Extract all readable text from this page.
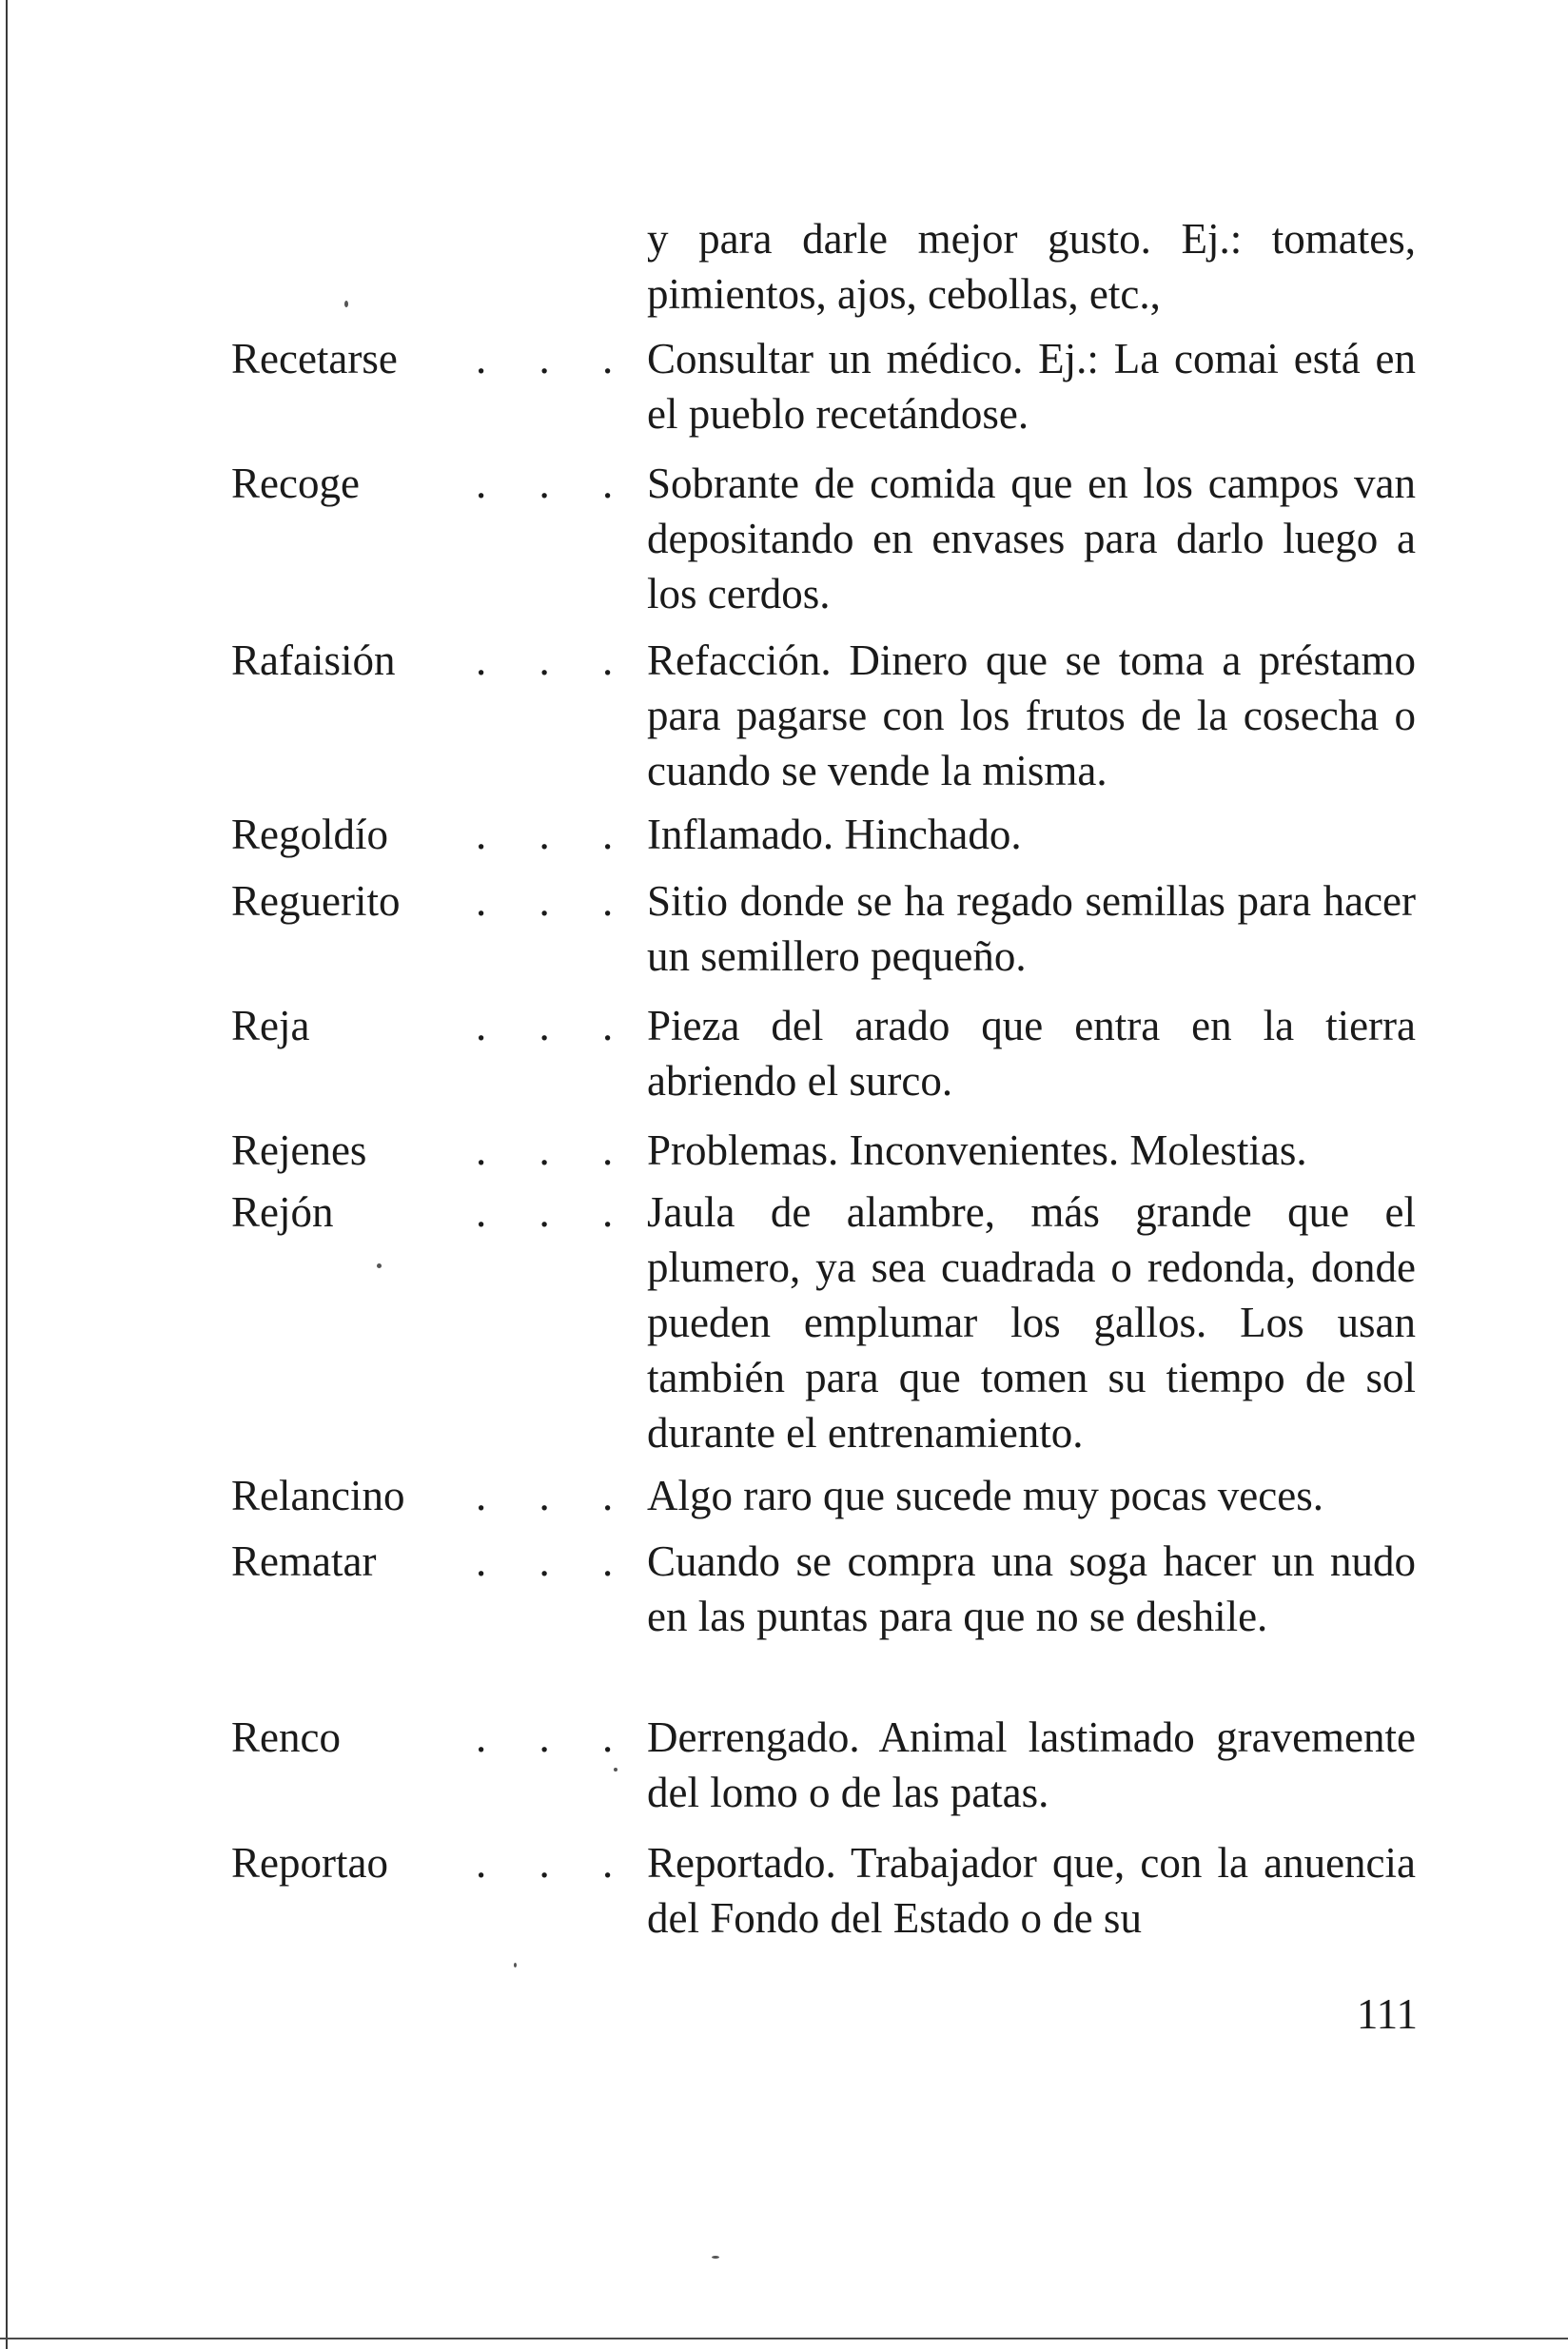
y para darle mejor gusto. Ej.: tomates, pimientos, ajos, cebollas, etc.,
Recetarse . . . Consultar un médico. Ej.: La comai está en el pueblo recetándose.
Recoge	. . . Sobrante de comida que en los campos van depositando en envases para darlo luego a los cerdos.
Rafaisión . . . Refacción. Dinero que se toma a préstamo para pagarse con los frutos de la cosecha o cuando se vende la misma.
Regoldío . . . Inflamado. Hinchado.
Reguerito . . . Sitio donde se ha regado semillas para hacer un semillero pequeño.
Reja	. . . Pieza del arado que entra en la tierra abriendo el surco.
Rejenes	. . . Problemas. Inconvenientes. Molestias.
Rejón	. . . Jaula de alambre, más grande que el plumero, ya sea cuadrada o redonda, donde pueden emplumar los gallos. Los usan también para que tomen su tiempo de sol durante el entrenamiento.
Relancino . . . Algo raro que sucede muy pocas veces.
Rematar . . . Cuando se compra una soga hacer un nudo en las puntas para que no se deshile.
Renco	. . . Derrengado. Animal lastimado gravemente del lomo o de las patas.
Reportao . . . Reportado. Trabajador que, con la anuencia del Fondo del Estado o de su
111
